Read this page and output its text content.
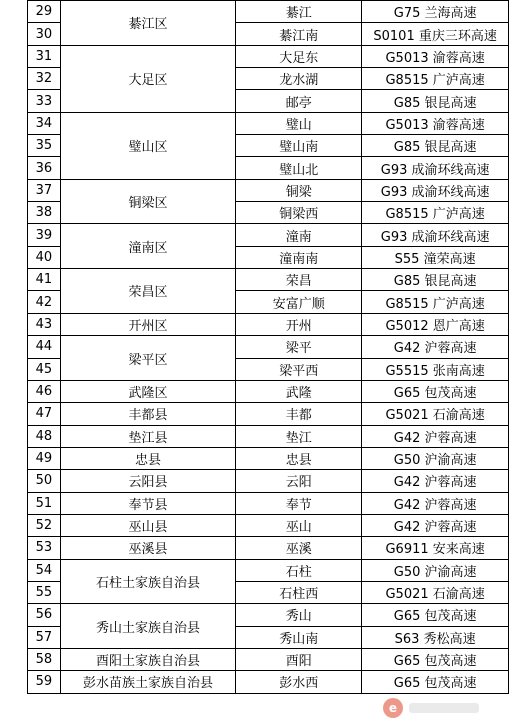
29	綦江区	綦江	G75 兰海高速
30		綦江南	S0101 重庆三环高速
31	大足区	大足东	G5013 渝蓉高速
32		龙水湖	G8515 广泸高速
33		邮亭	G85 银昆高速
34	璧山区	璧山	G5013 渝蓉高速
35		璧山南	G85 银昆高速
36		璧山北	G93 成渝环线高速
37	铜梁区	铜梁	G93 成渝环线高速
38		铜梁西	G8515 广泸高速
39	潼南区	潼南	G93 成渝环线高速
40		潼南南	S55 潼荣高速
41	荣昌区	荣昌	G85 银昆高速
42		安富广顺	G8515 广泸高速
43	开州区	开州	G5012 恩广高速
44	梁平区	梁平	G42 沪蓉高速
45		梁平西	G5515 张南高速
46	武隆区	武隆	G65 包茂高速
47	丰都县	丰都	G5021 石渝高速
48	垫江县	垫江	G42 沪蓉高速
49	忠县	忠县	G50 沪渝高速
50	云阳县	云阳	G42 沪蓉高速
51	奉节县	奉节	G42 沪蓉高速
52	巫山县	巫山	G42 沪蓉高速
53	巫溪县	巫溪	G6911 安来高速
54	石柱土家族自治县	石柱	G50 沪渝高速
55		石柱西	G5021 石渝高速
56	秀山土家族自治县	秀山	G65 包茂高速
57		秀山南	S63 秀松高速
58	酉阳土家族自治县	酉阳	G65 包茂高速
59	彭水苗族土家族自治县	彭水西	G65 包茂高速
e
